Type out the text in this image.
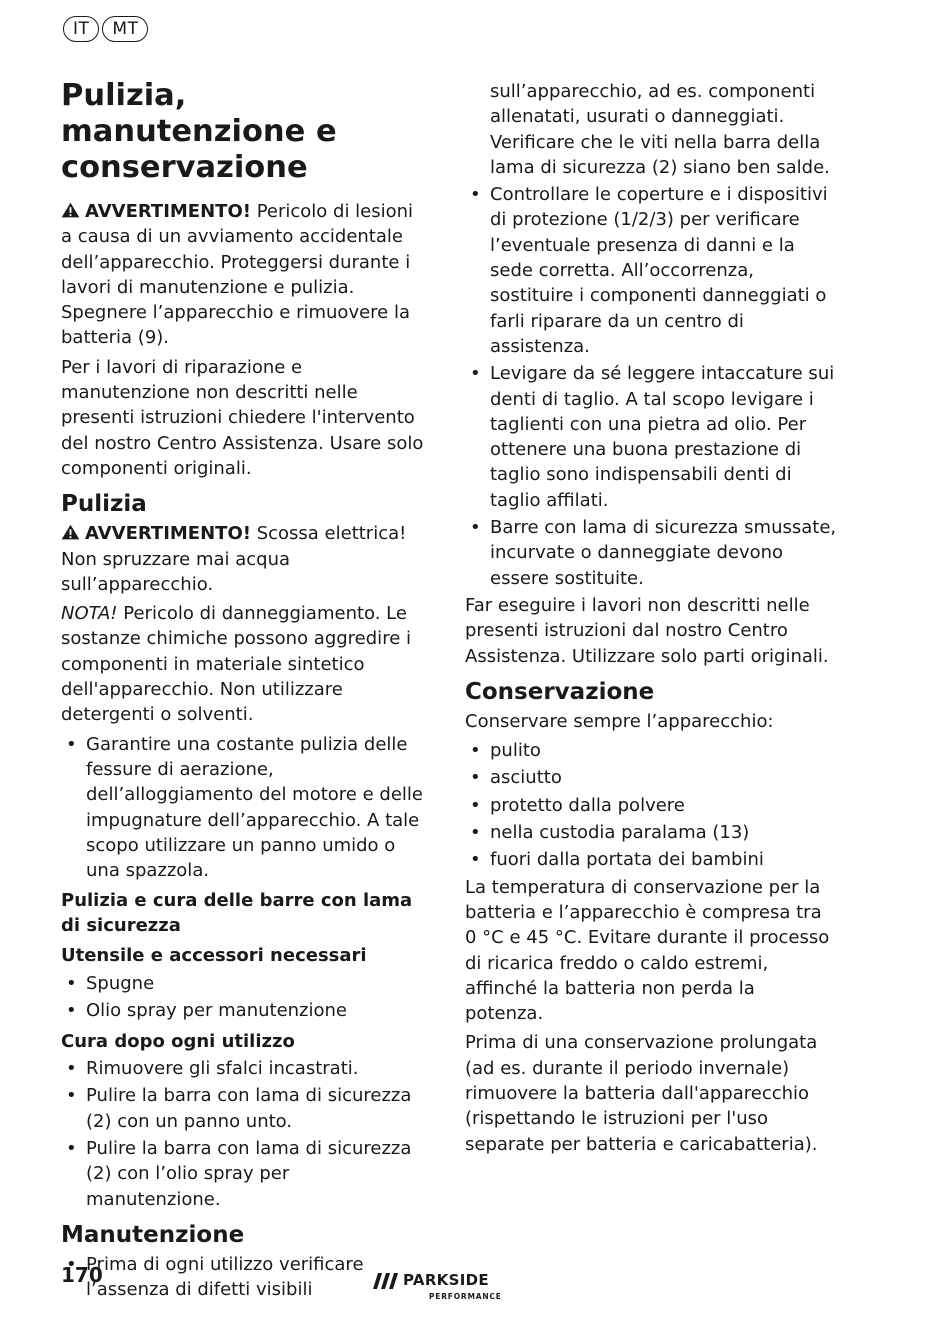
IT	MT
Pulizia, manutenzione e conservazione

AVVERTIMENTO! Pericolo di lesioni a causa di un avviamento accidentale dell’apparecchio. Proteggersi durante i lavori di manutenzione e pulizia. Spegnere l’apparecchio e rimuovere la batteria (9).

Per i lavori di riparazione e manutenzione non descritti nelle presenti istruzioni chiedere l'intervento del nostro Centro Assistenza. Usare solo componenti originali.

Pulizia

AVVERTIMENTO! Scossa elettrica! Non spruzzare mai acqua sull’apparecchio.

NOTA! Pericolo di danneggiamento. Le sostanze chimiche possono aggredire i componenti in materiale sintetico dell'apparecchio. Non utilizzare detergenti o solventi.

• Garantire una costante pulizia delle fessure di aerazione, dell’alloggiamento del motore e delle impugnature dell’apparecchio. A tale scopo utilizzare un panno umido o una spazzola.
Pulizia e cura delle barre con lama di sicurezza
Utensile e accessori necessari
• Spugne
• Olio spray per manutenzione
Cura dopo ogni utilizzo
• Rimuovere gli sfalci incastrati.
• Pulire la barra con lama di sicurezza (2) con un panno unto.
• Pulire la barra con lama di sicurezza (2) con l’olio spray per manutenzione.
Manutenzione
• Prima di ogni utilizzo verificare l’assenza di difetti visibili
sull’apparecchio, ad es. componenti allenatati, usurati o danneggiati. Verificare che le viti nella barra della lama di sicurezza (2) siano ben salde.
• Controllare le coperture e i dispositivi di protezione (1/2/3) per verificare l’eventuale presenza di danni e la sede corretta. All’occorrenza, sostituire i componenti danneggiati o farli riparare da un centro di assistenza.
• Levigare da sé leggere intaccature sui denti di taglio. A tal scopo levigare i taglienti con una pietra ad olio. Per ottenere una buona prestazione di taglio sono indispensabili denti di taglio affilati.
• Barre con lama di sicurezza smussate, incurvate o danneggiate devono essere sostituite.

Far eseguire i lavori non descritti nelle presenti istruzioni dal nostro Centro Assistenza. Utilizzare solo parti originali.

Conservazione

Conservare sempre l’apparecchio:

• pulito
• asciutto
• protetto dalla polvere
• nella custodia paralama (13)
• fuori dalla portata dei bambini

La temperatura di conservazione per la batteria e l’apparecchio è compresa tra 0 °C e 45 °C. Evitare durante il processo di ricarica freddo o caldo estremi, affinché la batteria non perda la potenza.

Prima di una conservazione prolungata (ad es. durante il periodo invernale) rimuovere la batteria dall'apparecchio (rispettando le istruzioni per l'uso separate per batteria e caricabatteria).

170	PARKSIDE
PERFORMANCE
